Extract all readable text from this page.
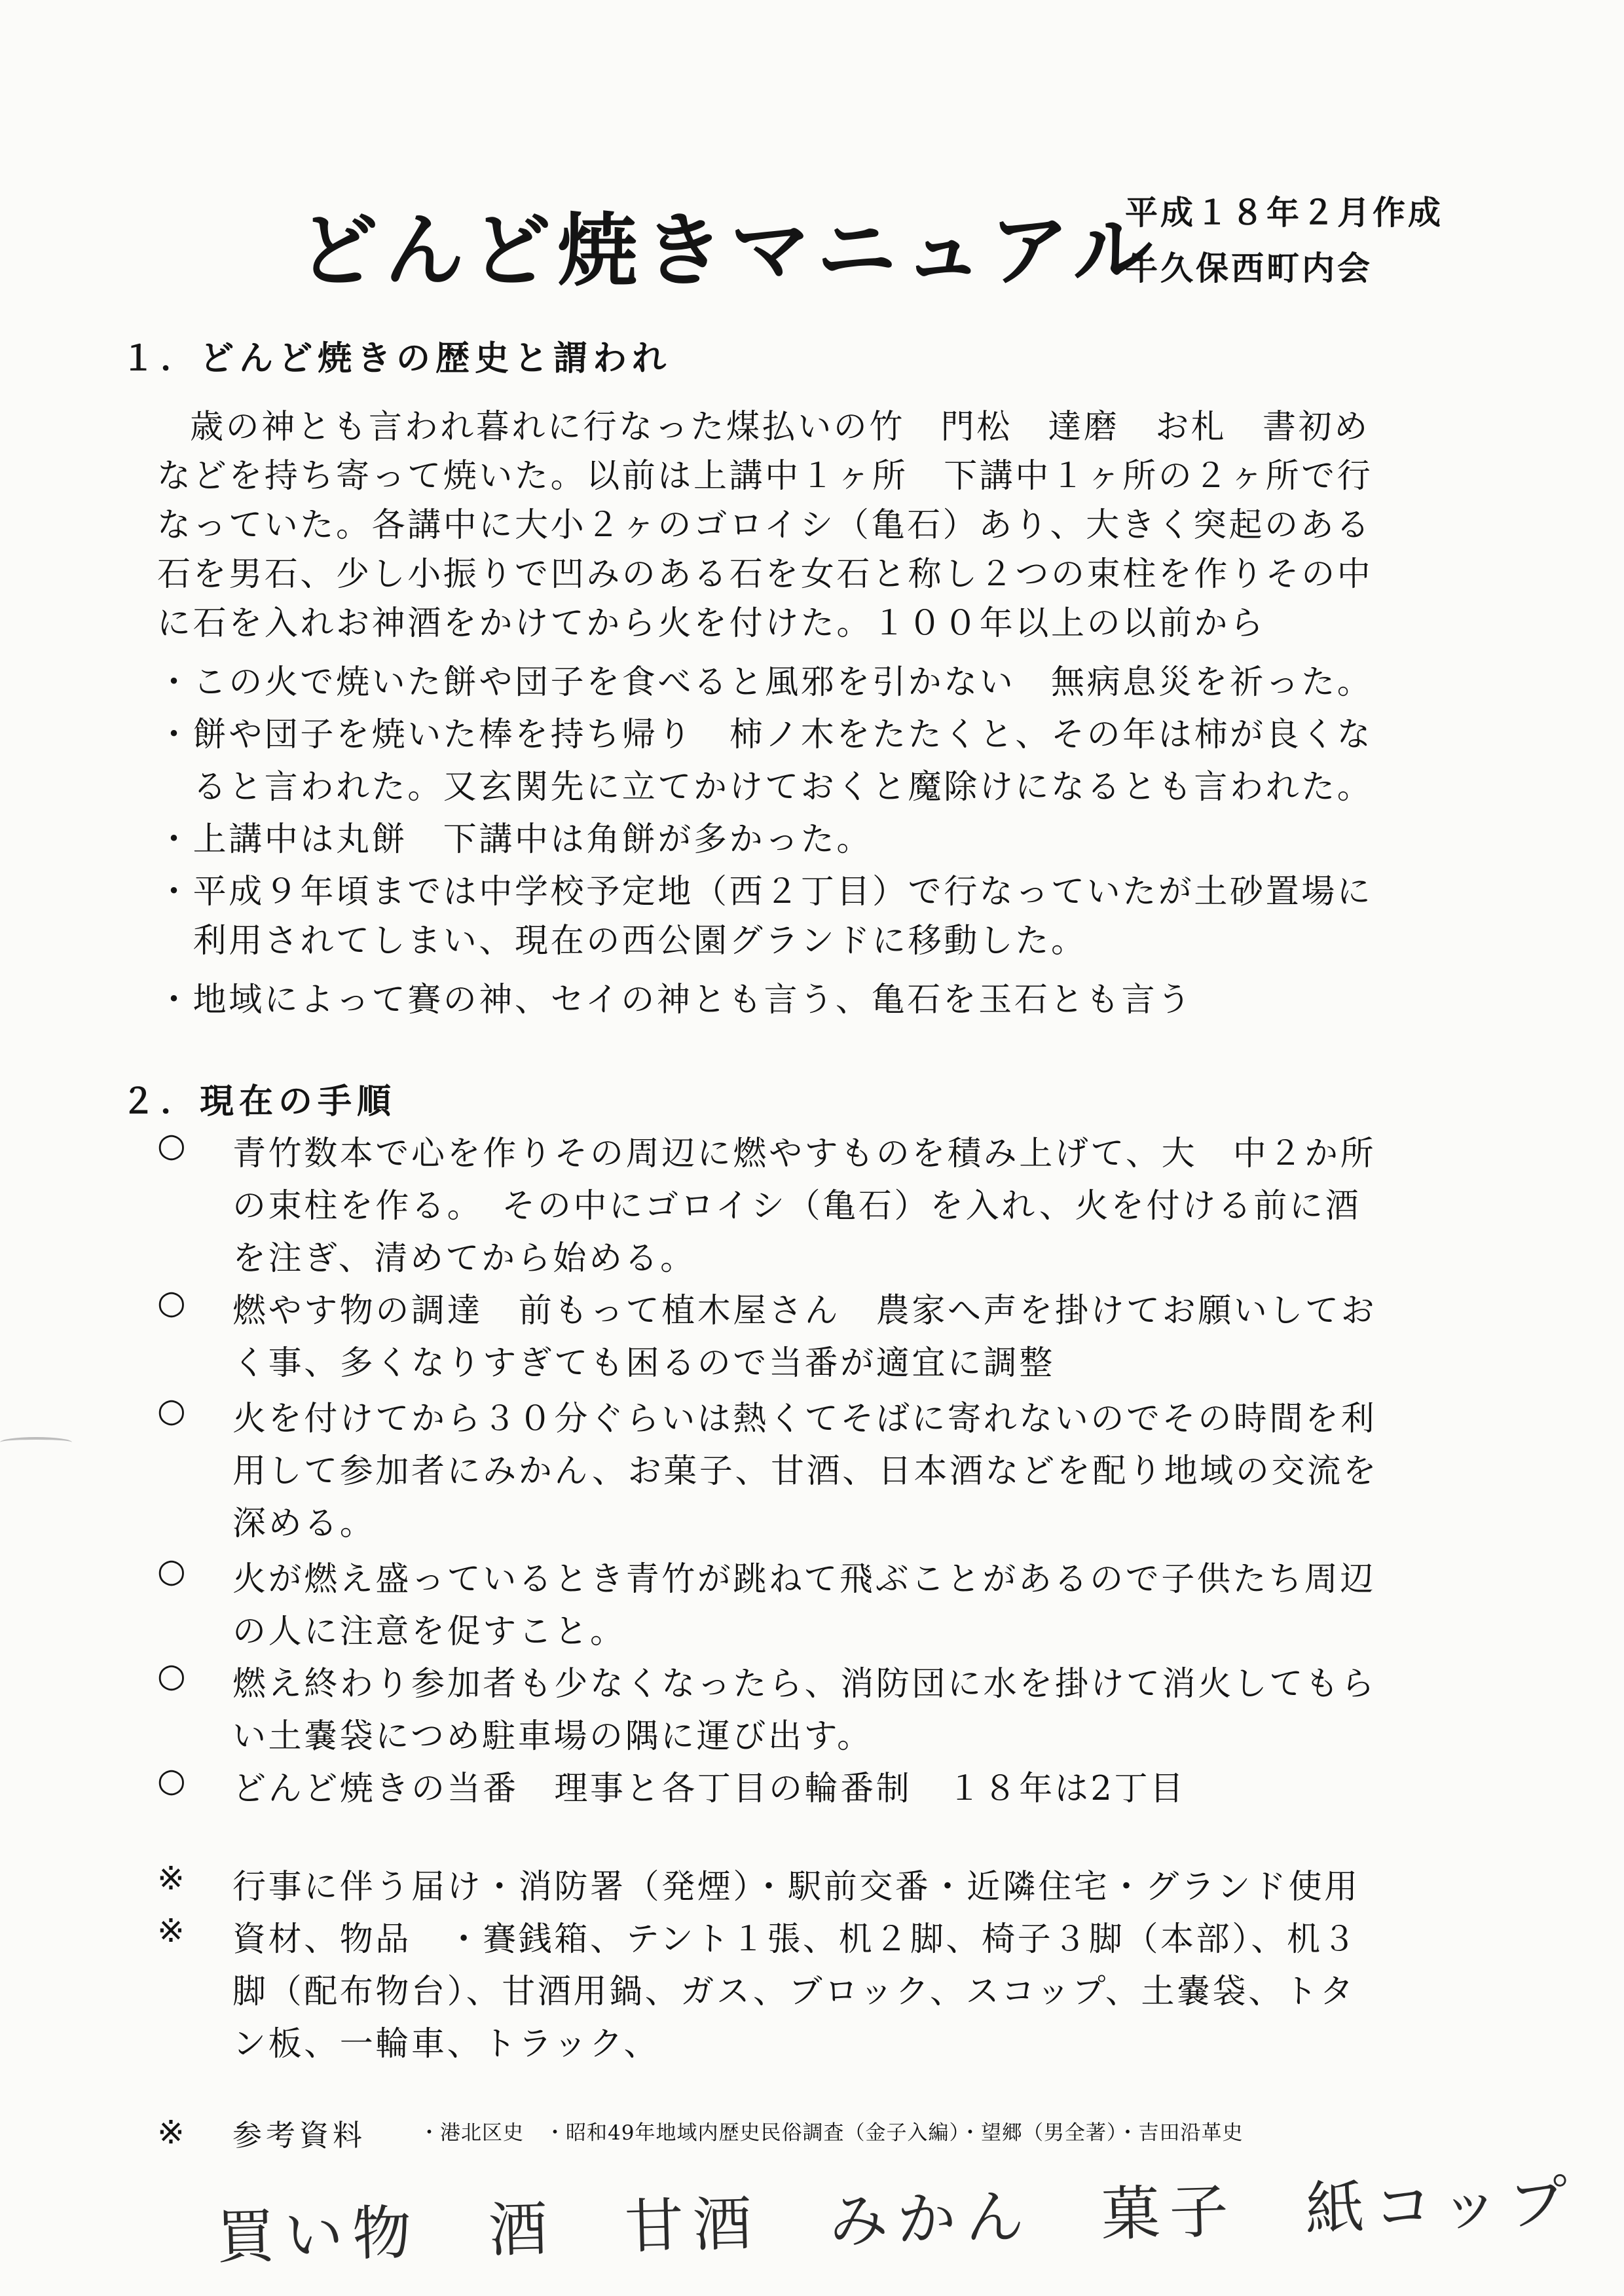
どんど焼きマニュアル
平成１８年２月作成
牛久保西町内会
１．どんど焼きの歴史と謂われ
歳の神とも言われ暮れに行なった煤払いの竹　門松　達磨　お札　書初め
などを持ち寄って焼いた。以前は上講中１ヶ所　下講中１ヶ所の２ヶ所で行
なっていた。各講中に大小２ヶのゴロイシ（亀石）あり、大きく突起のある
石を男石、少し小振りで凹みのある石を女石と称し２つの束柱を作りその中
に石を入れお神酒をかけてから火を付けた。１００年以上の以前から
・この火で焼いた餅や団子を食べると風邪を引かない　無病息災を祈った。
・餅や団子を焼いた棒を持ち帰り　柿ノ木をたたくと、その年は柿が良くな
　ると言われた。又玄関先に立てかけておくと魔除けになるとも言われた。
・上講中は丸餅　下講中は角餅が多かった。
・平成９年頃までは中学校予定地（西２丁目）で行なっていたが土砂置場に
　利用されてしまい、現在の西公園グランドに移動した。
・地域によって賽の神、セイの神とも言う、亀石を玉石とも言う
２．現在の手順
○ 青竹数本で心を作りその周辺に燃やすものを積み上げて、大　中２か所
の束柱を作る。　その中にゴロイシ（亀石）を入れ、火を付ける前に酒
を注ぎ、清めてから始める。
○ 燃やす物の調達　前もって植木屋さん　農家へ声を掛けてお願いしてお
く事、多くなりすぎても困るので当番が適宜に調整
○ 火を付けてから３０分ぐらいは熱くてそばに寄れないのでその時間を利
用して参加者にみかん、お菓子、甘酒、日本酒などを配り地域の交流を
深める。
○ 火が燃え盛っているとき青竹が跳ねて飛ぶことがあるので子供たち周辺
の人に注意を促すこと。
○ 燃え終わり参加者も少なくなったら、消防団に水を掛けて消火してもら
い土嚢袋につめ駐車場の隅に運び出す。
○ どんど焼きの当番　理事と各丁目の輪番制　１８年は2丁目
※ 行事に伴う届け・消防署（発煙）・駅前交番・近隣住宅・グランド使用
※ 資材、物品　・賽銭箱、テント１張、机２脚、椅子３脚（本部）、机３
脚（配布物台）、甘酒用鍋、ガス、ブロック、スコップ、土嚢袋、トタ
ン板、一輪車、トラック、
※ 参考資料	・港北区史　・昭和49年地域内歴史民俗調査（金子入編）・望郷（男全著）・吉田沿革史
買い物　酒　甘酒　みかん　菓子　紙コップ
